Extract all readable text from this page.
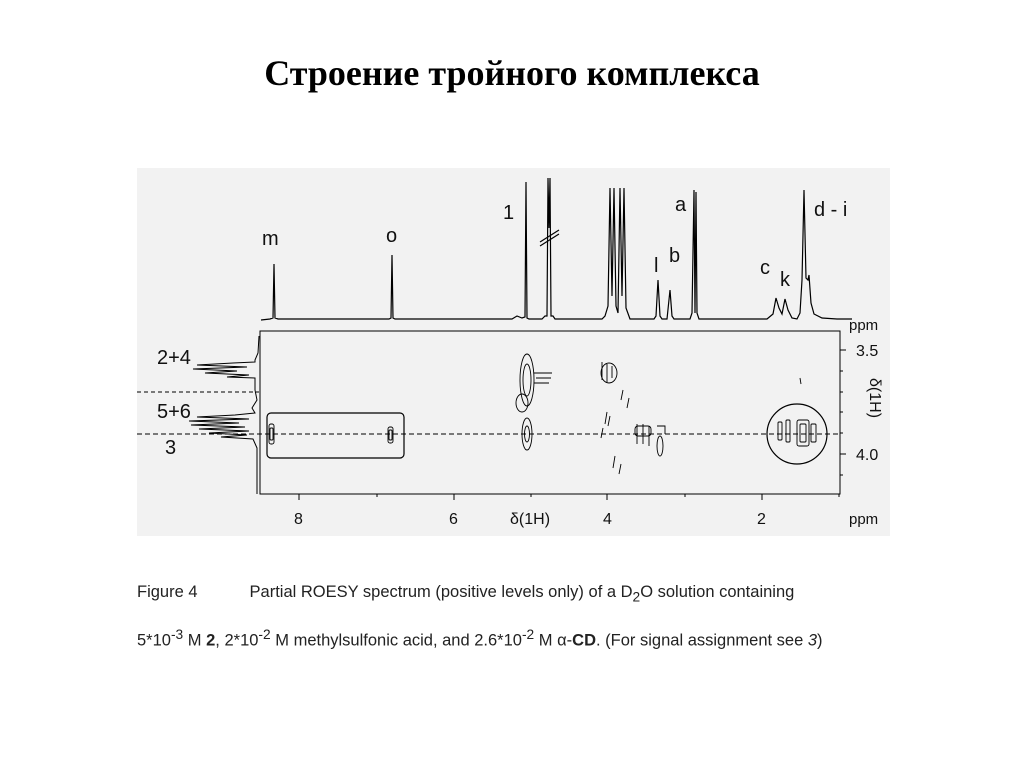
Строение тройного комплекса
m	o
1	a
b
l	c
k
d - i
ppm
3.5
4.0
ppm
δ(1H)
8	6	4	2
δ(1H)
2+4
5+6
3
Figure 4	Partial ROESY spectrum (positive levels only) of a $D_2O$ solution containing
$5*10^{-3}$ M 2, $2*10^{-2}$ M methylsulfonic acid, and $2.6*10^{-2}$ M α-CD. (For signal assignment see 3)
